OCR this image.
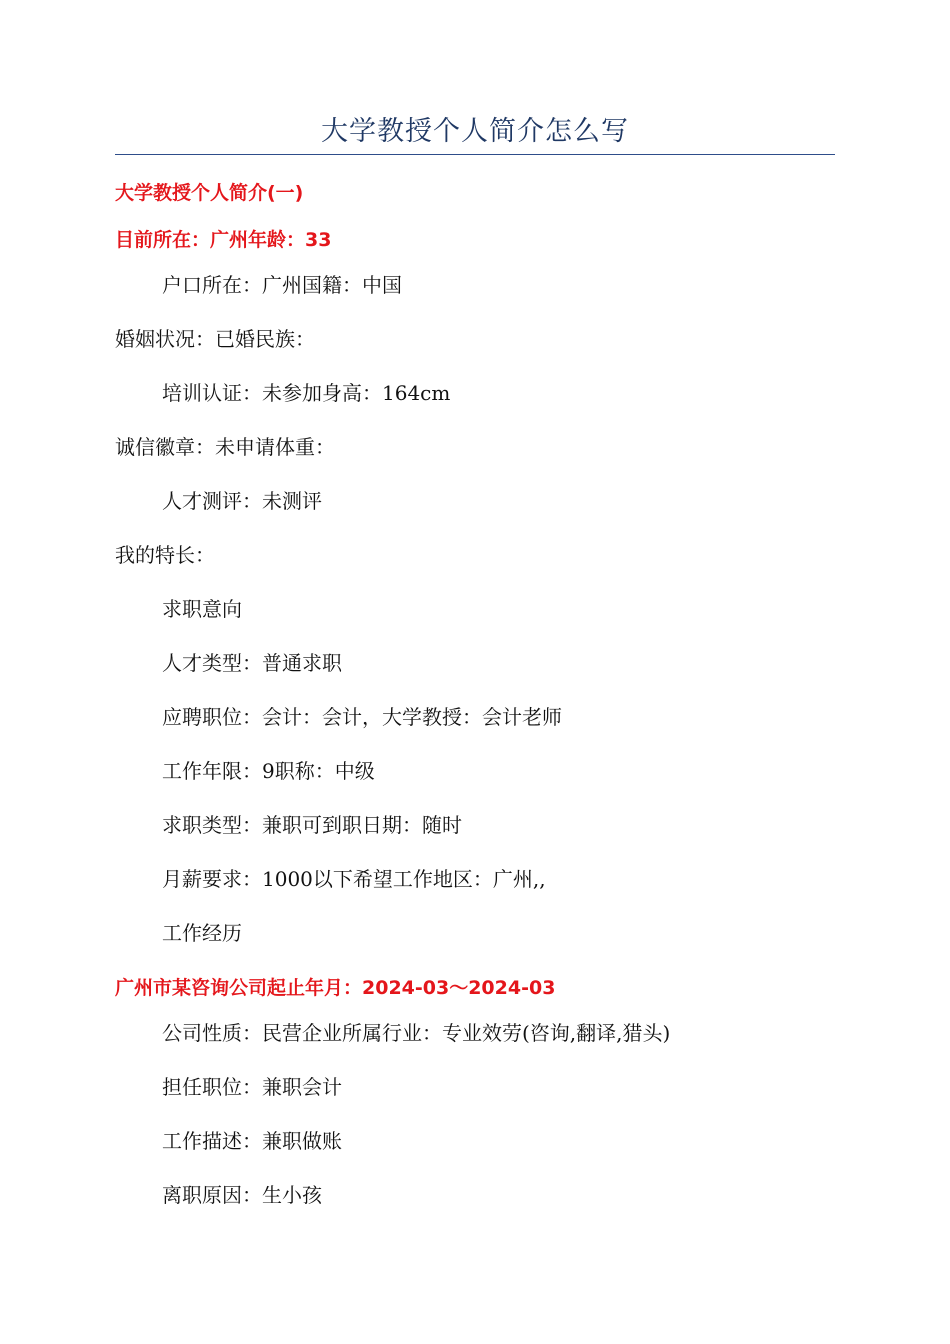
大学教授个人简介怎么写
大学教授个人简介(一)
目前所在：广州年龄：33
户口所在：广州国籍：中国
婚姻状况：已婚民族：
培训认证：未参加身高：164cm
诚信徽章：未申请体重：
人才测评：未测评
我的特长：
求职意向
人才类型：普通求职
应聘职位：会计：会计，大学教授：会计老师
工作年限：9职称：中级
求职类型：兼职可到职日期：随时
月薪要求：1000以下希望工作地区：广州,,
工作经历
广州市某咨询公司起止年月：2024-03～2024-03
公司性质：民营企业所属行业：专业效劳(咨询,翻译,猎头)
担任职位：兼职会计
工作描述：兼职做账
离职原因：生小孩
